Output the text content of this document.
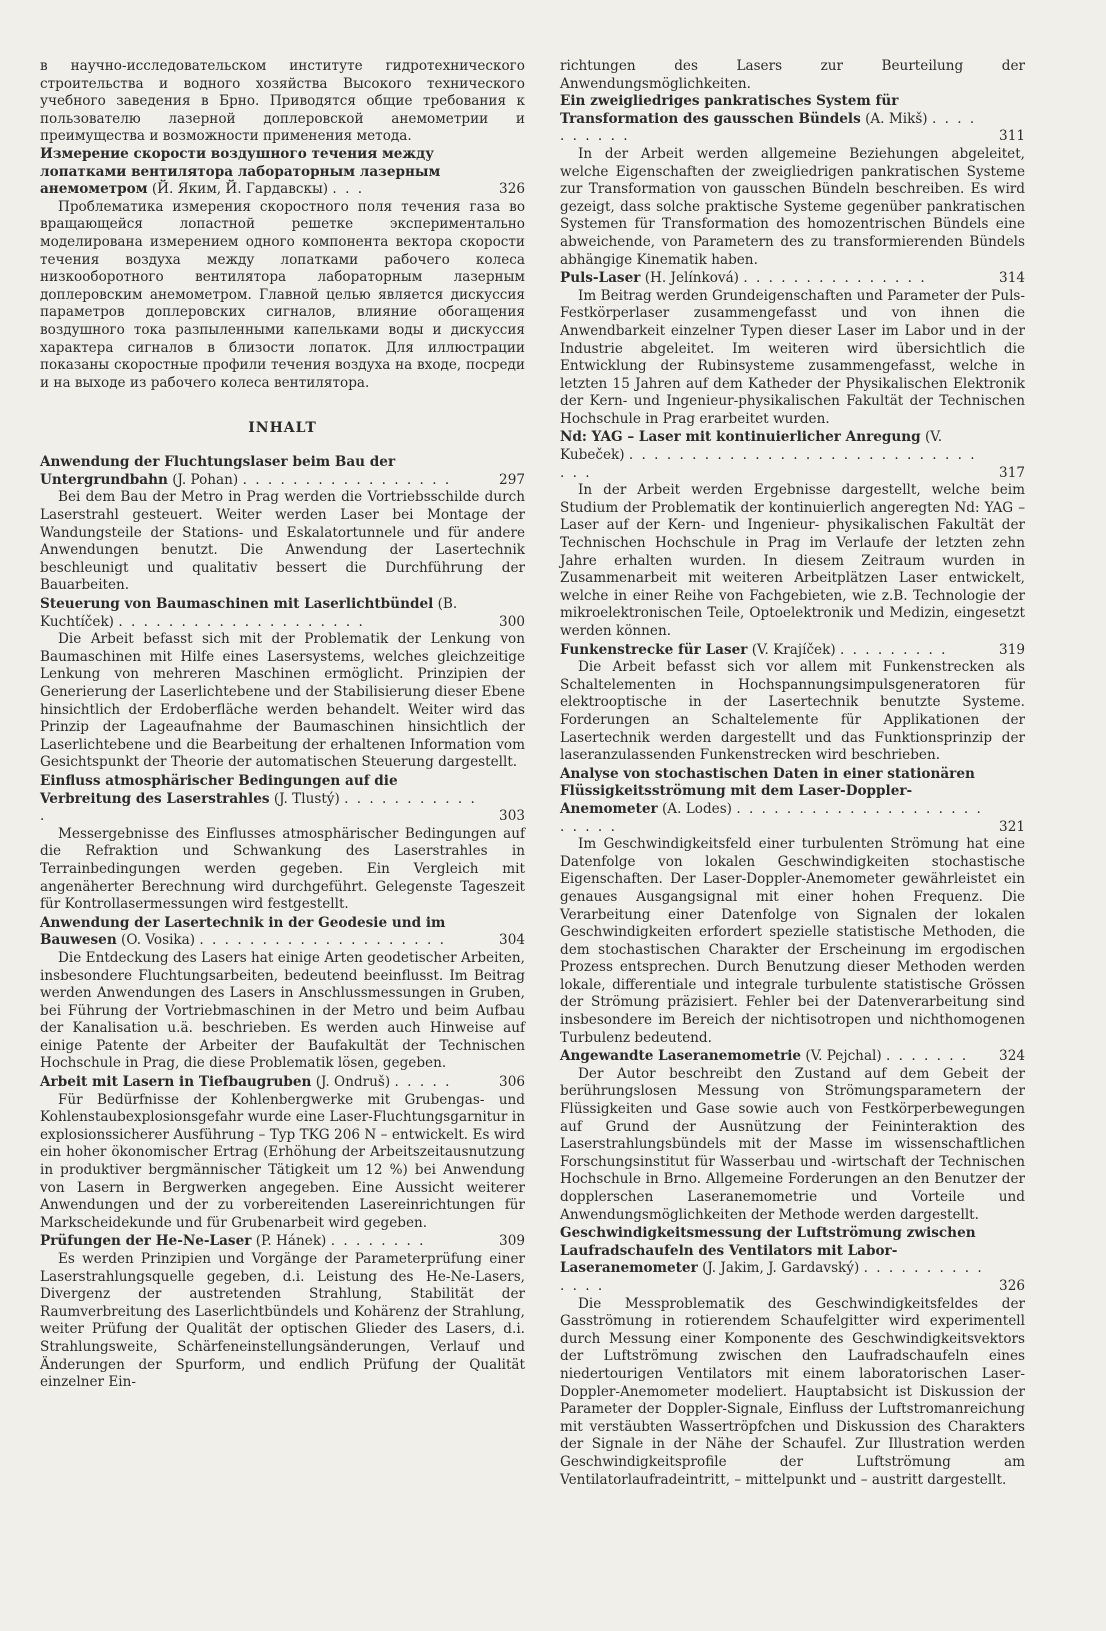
в научно-исследовательском институте гидротехнического строительства и водного хозяйства Высокого технического учебного заведения в Брно. Приводятся общие требования к пользователю лазерной доплеровской анемометрии и преимущества и возможности применения метода.

Измерение скорости воздушного течения между лопатками вентилятора лабораторным лазерным анемометром (Й. Яким, Й. Гардавскы) . . .	326

Проблематика измерения скоростного поля течения газа во вращающейся лопастной решетке экспериментально моделирована измерением одного компонента вектора скорости течения воздуха между лопатками рабочего колеса низкооборотного вентилятора лабораторным лазерным доплеровским анемометром. Главной целью является дискуссия параметров доплеровских сигналов, влияние обогащения воздушного тока разпыленными капельками воды и дискуссия характера сигналов в близости лопаток. Для иллюстрации показаны скоростные профили течения воздуха на входе, посреди и на выходе из рабочего колеса вентилятора.

INHALT
Anwendung der Fluchtungslaser beim Bau der Untergrundbahn (J. Pohan) . . . . . . . . . . . . . . . . .	297

Bei dem Bau der Metro in Prag werden die Vortriebsschilde durch Laserstrahl gesteuert. Weiter werden Laser bei Montage der Wandungsteile der Stations- und Eskalatortunnele und für andere Anwendungen benutzt. Die Anwendung der Lasertechnik beschleunigt und qualitativ bessert die Durchführung der Bauarbeiten.

Steuerung von Baumaschinen mit Laserlichtbündel (B. Kuchtíček) . . . . . . . . . . . . . . . . . . . .	300

Die Arbeit befasst sich mit der Problematik der Lenkung von Baumaschinen mit Hilfe eines Lasersystems, welches gleichzeitige Lenkung von mehreren Maschinen ermöglicht. Prinzipien der Generierung der Laserlichtebene und der Stabilisierung dieser Ebene hinsichtlich der Erdoberfläche werden behandelt. Weiter wird das Prinzip der Lageaufnahme der Baumaschinen hinsichtlich der Laserlichtebene und die Bearbeitung der erhaltenen Information vom Gesichtspunkt der Theorie der automatischen Steuerung dargestellt.

Einfluss atmosphärischer Bedingungen auf die Verbreitung des Laserstrahles (J. Tlustý) . . . . . . . . . . . .	303

Messergebnisse des Einflusses atmosphärischer Bedingungen auf die Refraktion und Schwankung des Laserstrahles in Terrainbedingungen werden gegeben. Ein Vergleich mit angenäherter Berechnung wird durchgeführt. Gelegenste Tageszeit für Kontrollasermessungen wird festgestellt.

Anwendung der Lasertechnik in der Geodesie und im Bauwesen (O. Vosika) . . . . . . . . . . . . . . . . . . . .	304

Die Entdeckung des Lasers hat einige Arten geodetischer Arbeiten, insbesondere Fluchtungsarbeiten, bedeutend beeinflusst. Im Beitrag werden Anwendungen des Lasers in Anschlussmessungen in Gruben, bei Führung der Vortriebmaschinen in der Metro und beim Aufbau der Kanalisation u.ä. beschrieben. Es werden auch Hinweise auf einige Patente der Arbeiter der Baufakultät der Technischen Hochschule in Prag, die diese Problematik lösen, gegeben.

Arbeit mit Lasern in Tiefbaugruben (J. Ondruš) . . . . .	306

Für Bedürfnisse der Kohlenbergwerke mit Grubengas- und Kohlenstaubexplosionsgefahr wurde eine Laser-Fluchtungsgarnitur in explosionssicherer Ausführung – Typ TKG 206 N – entwickelt. Es wird ein hoher ökonomischer Ertrag (Erhöhung der Arbeitszeitausnutzung in produktiver bergmännischer Tätigkeit um 12 %) bei Anwendung von Lasern in Bergwerken angegeben. Eine Aussicht weiterer Anwendungen und der zu vorbereitenden Lasereinrichtungen für Markscheidekunde und für Grubenarbeit wird gegeben.

Prüfungen der He-Ne-Laser (P. Hánek) . . . . . . . .	309

Es werden Prinzipien und Vorgänge der Parameterprüfung einer Laserstrahlungsquelle gegeben, d.i. Leistung des He-Ne-Lasers, Divergenz der austretenden Strahlung, Stabilität der Raumverbreitung des Laserlichtbündels und Kohärenz der Strahlung, weiter Prüfung der Qualität der optischen Glieder des Lasers, d.i. Strahlungsweite, Schärfeneinstellungsänderungen, Verlauf und Änderungen der Spurform, und endlich Prüfung der Qualität einzelner Ein-

richtungen des Lasers zur Beurteilung der Anwendungsmöglichkeiten.

Ein zweigliedriges pankratisches System für Transformation des gausschen Bündels (A. Mikš) . . . . . . . . . .	311

In der Arbeit werden allgemeine Beziehungen abgeleitet, welche Eigenschaften der zweigliedrigen pankratischen Systeme zur Transformation von gausschen Bündeln beschreiben. Es wird gezeigt, dass solche praktische Systeme gegenüber pankratischen Systemen für Transformation des homozentrischen Bündels eine abweichende, von Parametern des zu transformierenden Bündels abhängige Kinematik haben.

Puls-Laser (H. Jelínková) . . . . . . . . . . . . . . .	314

Im Beitrag werden Grundeigenschaften und Parameter der Puls-Festkörperlaser zusammengefasst und von ihnen die Anwendbarkeit einzelner Typen dieser Laser im Labor und in der Industrie abgeleitet. Im weiteren wird übersichtlich die Entwicklung der Rubinsysteme zusammengefasst, welche in letzten 15 Jahren auf dem Katheder der Physikalischen Elektronik der Kern- und Ingenieur-physikalischen Fakultät der Technischen Hochschule in Prag erarbeitet wurden.

Nd: YAG – Laser mit kontinuierlicher Anregung (V. Kubeček) . . . . . . . . . . . . . . . . . . . . . . . . . . . . . . .	317

In der Arbeit werden Ergebnisse dargestellt, welche beim Studium der Problematik der kontinuierlich angeregten Nd: YAG – Laser auf der Kern- und Ingenieur- physikalischen Fakultät der Technischen Hochschule in Prag im Verlaufe der letzten zehn Jahre erhalten wurden. In diesem Zeitraum wurden in Zusammenarbeit mit weiteren Arbeitplätzen Laser entwickelt, welche in einer Reihe von Fachgebieten, wie z.B. Technologie der mikroelektronischen Teile, Optoelektronik und Medizin, eingesetzt werden können.

Funkenstrecke für Laser (V. Krajíček) . . . . . . . . .	319

Die Arbeit befasst sich vor allem mit Funkenstrecken als Schaltelementen in Hochspannungsimpulsgeneratoren für elektrooptische in der Lasertechnik benutzte Systeme. Forderungen an Schaltelemente für Applikationen der Lasertechnik werden dargestellt und das Funktionsprinzip der laseranzulassenden Funkenstrecken wird beschrieben.

Analyse von stochastischen Daten in einer stationären Flüssigkeitsströmung mit dem Laser-Doppler-Anemometer (A. Lodes) . . . . . . . . . . . . . . . . . . . . . . . . .	321

Im Geschwindigkeitsfeld einer turbulenten Strömung hat eine Datenfolge von lokalen Geschwindigkeiten stochastische Eigenschaften. Der Laser-Doppler-Anemometer gewährleistet ein genaues Ausgangsignal mit einer hohen Frequenz. Die Verarbeitung einer Datenfolge von Signalen der lokalen Geschwindigkeiten erfordert spezielle statistische Methoden, die dem stochastischen Charakter der Erscheinung im ergodischen Prozess entsprechen. Durch Benutzung dieser Methoden werden lokale, differentiale und integrale turbulente statistische Grössen der Strömung präzisiert. Fehler bei der Datenverarbeitung sind insbesondere im Bereich der nichtisotropen und nichthomogenen Turbulenz bedeutend.

Angewandte Laseranemometrie (V. Pejchal) . . . . . . . 324

Der Autor beschreibt den Zustand auf dem Gebeit der berührungslosen Messung von Strömungsparametern der Flüssigkeiten und Gase sowie auch von Festkörperbewegungen auf Grund der Ausnützung der Feininteraktion des Laserstrahlungsbündels mit der Masse im wissenschaftlichen Forschungsinstitut für Wasserbau und -wirtschaft der Technischen Hochschule in Brno. Allgemeine Forderungen an den Benutzer der dopplerschen Laseranemometrie und Vorteile und Anwendungsmöglichkeiten der Methode werden dargestellt.

Geschwindigkeitsmessung der Luftströmung zwischen Laufradschaufeln des Ventilators mit Labor-Laseranemometer (J. Jakim, J. Gardavský) . . . . . . . . . . . . . .	326

Die Messproblematik des Geschwindigkeitsfeldes der Gasströmung in rotierendem Schaufelgitter wird experimentell durch Messung einer Komponente des Geschwindigkeitsvektors der Luftströmung zwischen den Laufradschaufeln eines niedertourigen Ventilators mit einem laboratorischen Laser-Doppler-Anemometer modeliert. Hauptabsicht ist Diskussion der Parameter der Doppler-Signale, Einfluss der Luftstromanreichung mit verstäubten Wassertröpfchen und Diskussion des Charakters der Signale in der Nähe der Schaufel. Zur Illustration werden Geschwindigkeitsprofile der Luftströmung am Ventilatorlaufradeintritt, – mittelpunkt und – austritt dargestellt.
